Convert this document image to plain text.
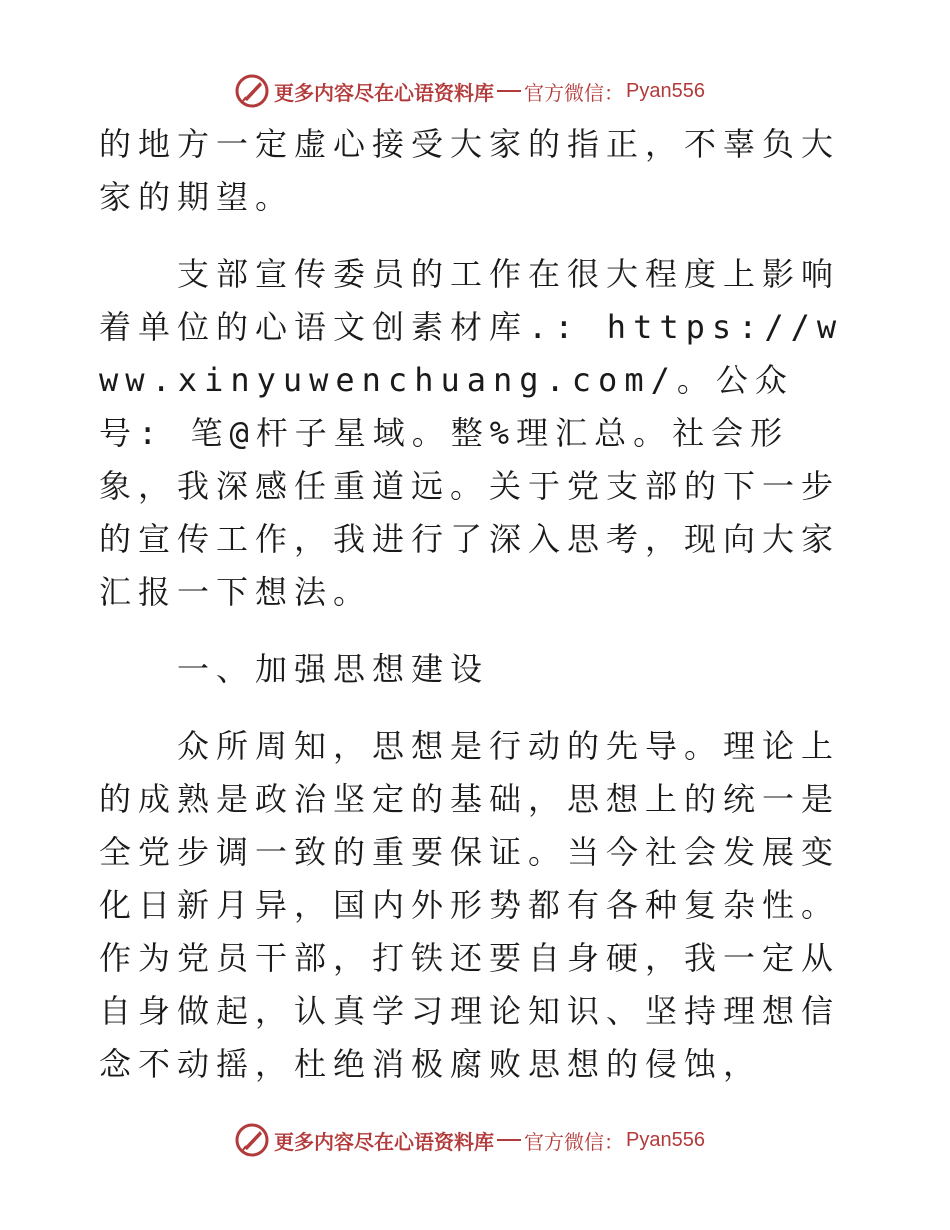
更多内容尽在心语资料库 官方微信： Pyan556

的地方一定虚心接受大家的指正，不辜负大家的期望。

支部宣传委员的工作在很大程度上影响着单位的心语文创素材库.: https://www.xinyuwenchuang.com/。公众号: 笔@杆子星域。整%理汇总。社会形象，我深感任重道远。关于党支部的下一步的宣传工作，我进行了深入思考，现向大家汇报一下想法。

一、加强思想建设

众所周知，思想是行动的先导。理论上的成熟是政治坚定的基础，思想上的统一是全党步调一致的重要保证。当今社会发展变化日新月异，国内外形势都有各种复杂性。作为党员干部，打铁还要自身硬，我一定从自身做起，认真学习理论知识、坚持理想信念不动摇，杜绝消极腐败思想的侵蚀，

更多内容尽在心语资料库 官方微信： Pyan556
